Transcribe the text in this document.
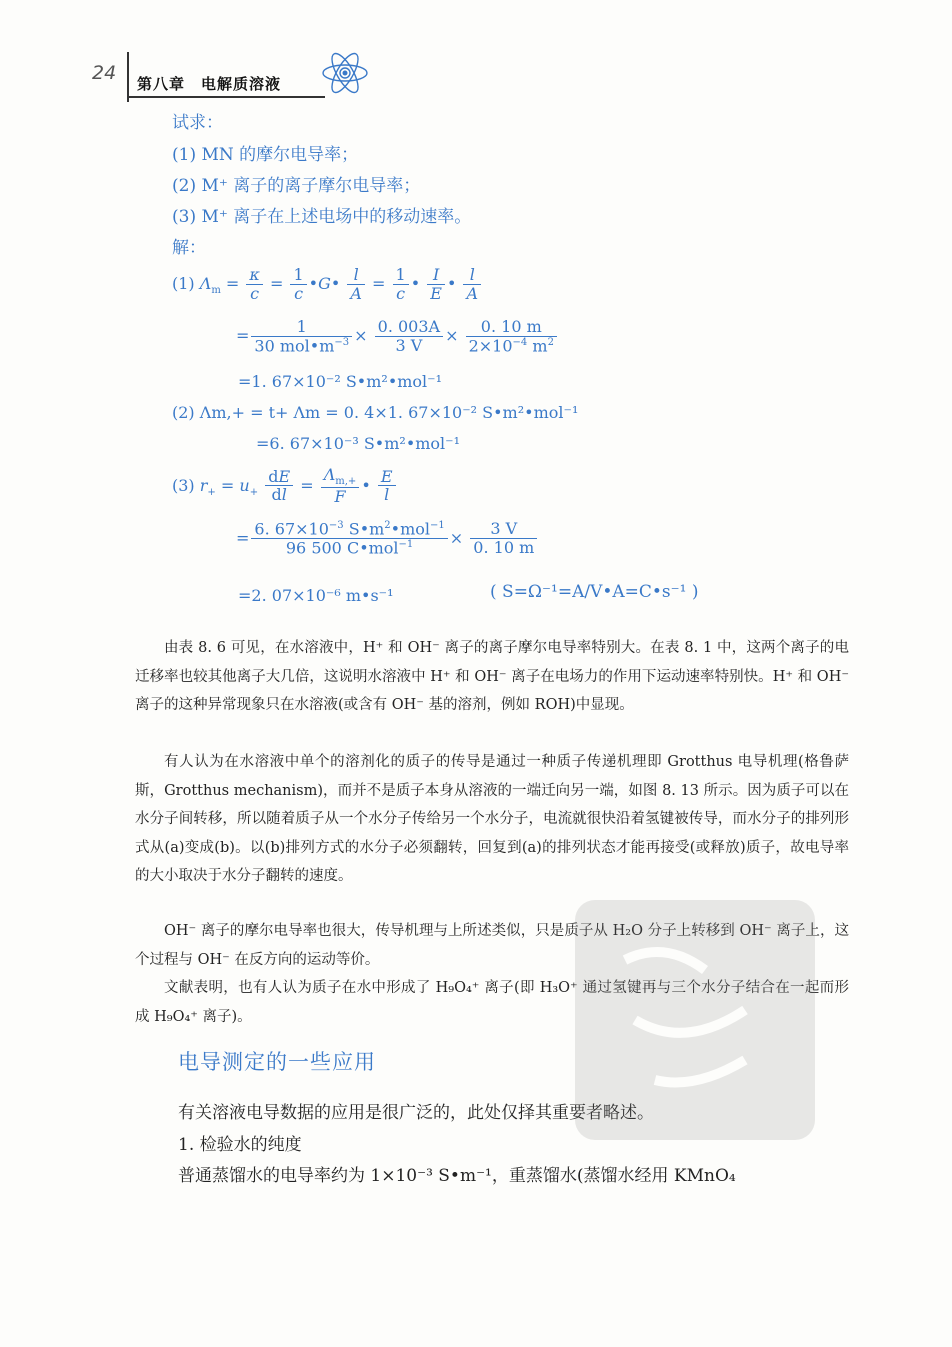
24 第八章　电解质溶液
试求：
(1) MN 的摩尔电导率；
(2) M⁺ 离子的离子摩尔电导率；
(3) M⁺ 离子在上述电场中的移动速率。
解：
(1) $\Lambda_m = \frac{\kappa}{c} = \frac{1}{c}$ •G• $\frac{l}{A} = \frac{1}{c}$ • $\frac{I}{E}$ • $\frac{l}{A}$
= $\frac{1}{30 mol•m^{-3}} \times \frac{0. 003A}{3 V} \times \frac{0. 10 m}{2\times 10^{-4} m^2}$
=1. 67×10⁻² S•m²•mol⁻¹
(2) Λm,+ = t+ Λm = 0. 4×1. 67×10⁻² S•m²•mol⁻¹
=6. 67×10⁻³ S•m²•mol⁻¹
(3) $r_+ = u_+ \frac{dE}{dl} = \frac{\Lambda_{m,+}}{F}$ • $\frac{E}{l}$
= $\frac{6. 67\times 10^{-3} S•m^2•mol^{-1}}{96 500 C•mol^{-1}} \times \frac{3 V}{0. 10 m}$
=2. 07×10⁻⁶ m•s⁻¹	( S=Ω⁻¹=A/V•A=C•s⁻¹ )
由表 8. 6 可见，在水溶液中，H⁺ 和 OH⁻ 离子的离子摩尔电导率特别大。在表 8. 1 中，这两个离子的电迁移率也较其他离子大几倍，这说明水溶液中 H⁺ 和 OH⁻ 离子在电场力的作用下运动速率特别快。H⁺ 和 OH⁻ 离子的这种异常现象只在水溶液(或含有 OH⁻ 基的溶剂，例如 ROH)中显现。
有人认为在水溶液中单个的溶剂化的质子的传导是通过一种质子传递机理即 Grotthus 电导机理(格鲁萨斯，Grotthus mechanism)，而并不是质子本身从溶液的一端迁向另一端，如图 8. 13 所示。因为质子可以在水分子间转移，所以随着质子从一个水分子传给另一个水分子，电流就很快沿着氢键被传导，而水分子的排列形式从(a)变成(b)。以(b)排列方式的水分子必须翻转，回复到(a)的排列状态才能再接受(或释放)质子，故电导率的大小取决于水分子翻转的速度。
OH⁻ 离子的摩尔电导率也很大，传导机理与上所述类似，只是质子从 H₂O 分子上转移到 OH⁻ 离子上，这个过程与 OH⁻ 在反方向的运动等价。
文献表明，也有人认为质子在水中形成了 H₉O₄⁺ 离子(即 H₃O⁺ 通过氢键再与三个水分子结合在一起而形成 H₉O₄⁺ 离子)。
电导测定的一些应用
有关溶液电导数据的应用是很广泛的，此处仅择其重要者略述。
1. 检验水的纯度
普通蒸馏水的电导率约为 1×10⁻³ S•m⁻¹，重蒸馏水(蒸馏水经用 KMnO₄
